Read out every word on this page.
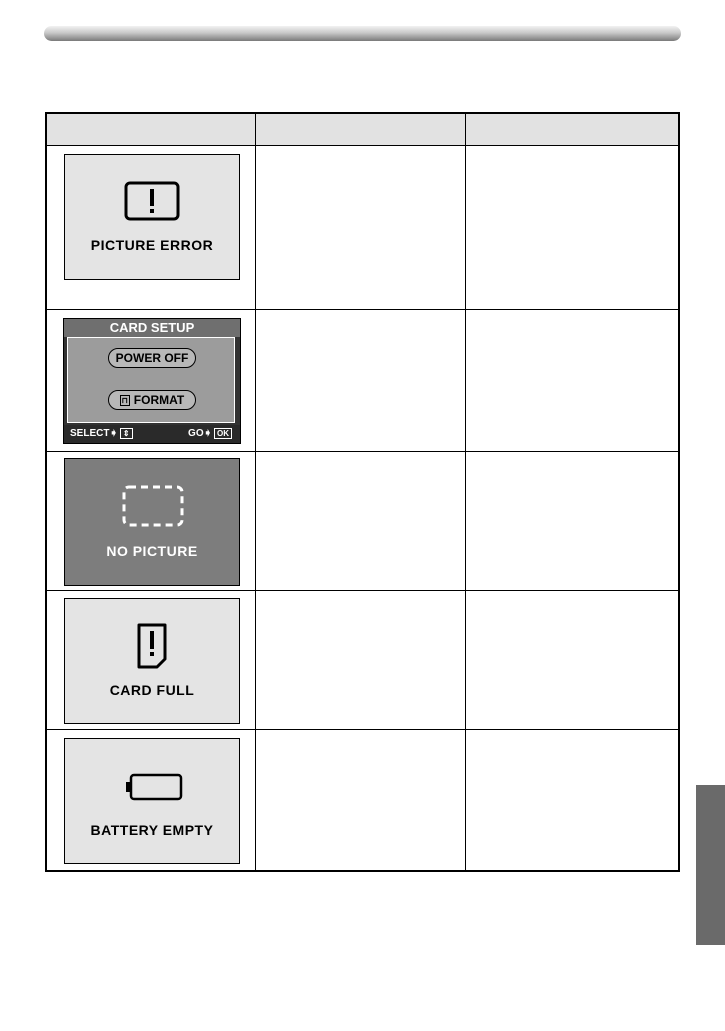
PICTURE ERROR
CARD SETUP
POWER OFF
⊓ FORMAT
SELECT➧ ⇕	GO➧ OK
NO PICTURE
CARD FULL
BATTERY EMPTY
